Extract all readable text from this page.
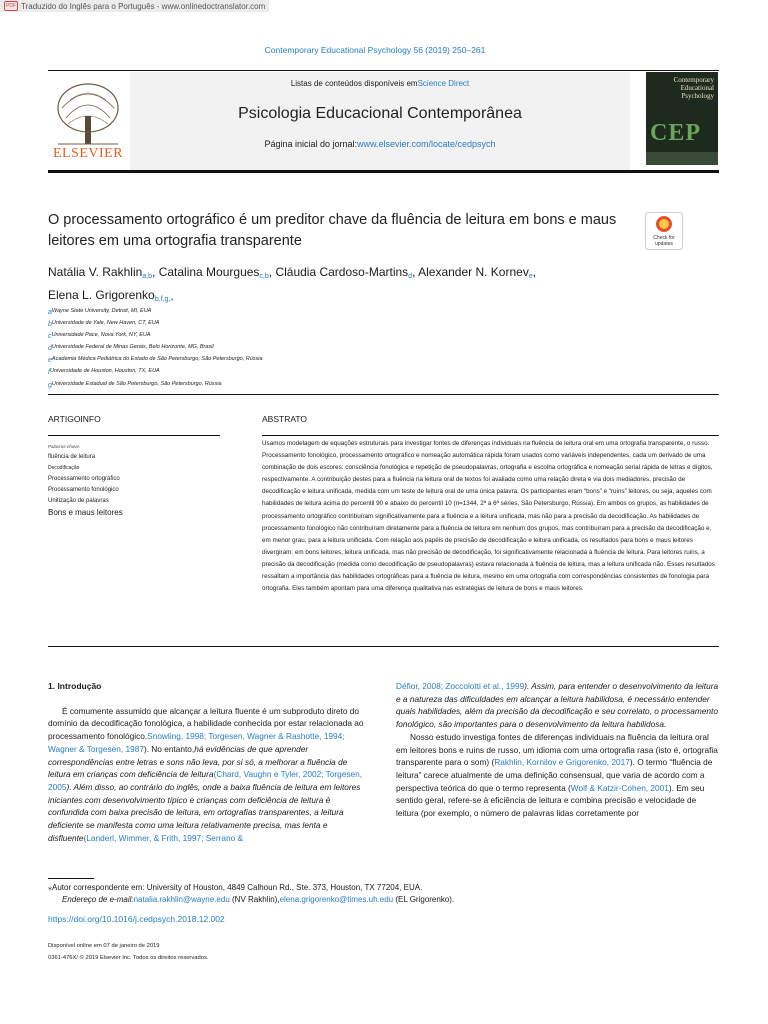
PDF Traduzido do Inglês para o Português - www.onlinedoctranslator.com
Contemporary Educational Psychology 56 (2019) 250–261
ELSEVIER
Listas de conteúdos disponíveis emScience Direct
Psicologia Educacional Contemporânea
Página inicial do jornal:www.elsevier.com/locate/cedpsych
Contemporary
Educational
Psychology
CEP
O processamento ortográfico é um preditor chave da fluência de leitura em bons e maus leitores em uma ortografia transparente	Check for
updates
Natália V. Rakhlin$_{a,b}$, Catalina Mourgues$_{c,b}$, Cláudia Cardoso-Martins$_d$, Alexander N. Kornev$_e$,
Elena L. Grigorenko$_{b,f,g,⁎}$
$_a$Wayne State University, Detroit, MI, EUA
$_b$Universidade de Yale, New Haven, CT, EUA
$_c$Universidade Pace, Nova York, NY, EUA
$_d$Universidade Federal de Minas Gerais, Belo Horizonte, MG, Brasil
$_e$Academia Médica Pediátrica do Estado de São Petersburgo, São Petersburgo, Rússia
$_f$Universidade de Houston, Houston, TX, EUA
$_g$Universidade Estadual de São Petersburgo, São Petersburgo, Rússia
ARTIGOINFO	ABSTRATO
Palavras-chave:
fluência de leitura
Decodificação
Processamento ortográfico
Processamento fonológico
Unitização de palavras
Bons e maus leitores
Usamos modelagem de equações estruturais para investigar fontes de diferenças individuais na fluência de leitura oral em uma ortografia transparente, o russo. Processamento fonológico, processamento ortográfico e nomeação automática rápida foram usados como variáveis independentes, cada um derivado de uma combinação de dois escores: consciência fonológica e repetição de pseudopalavras, ortografia e escolha ortográfica e nomeação serial rápida de letras e dígitos, respectivamente. A contribuição destes para a fluência na leitura oral de textos foi avaliada como uma relação direta e via dois mediadores, precisão de decodificação e leitura unificada, medida com um teste de leitura oral de uma única palavra. Os participantes eram “bons” e “ruins” leitores, ou seja, aqueles com habilidades de leitura acima do percentil 90 e abaixo do percentil 10 (n=1344, 2ª a 6ª séries, São Petersburgo, Rússia). Em ambos os grupos, as habilidades de processamento ortográfico contribuíram significativamente para a fluência e a leitura unificada, mas não para a precisão da decodificação. As habilidades de processamento fonológico não contribuíram diretamente para a fluência de leitura em nenhum dos grupos, mas contribuíram para a precisão da decodificação e, em menor grau, para a leitura unificada. Com relação aos papéis de precisão de decodificação e leitura unificada, os resultados para bons e maus leitores divergiram: em bons leitores, leitura unificada, mas não precisão de decodificação, foi significativamente relacionada à fluência de leitura. Para leitores ruins, a precisão da decodificação (medida como decodificação de pseudopalavras) estava relacionada à fluência de leitura, mas a leitura unificada não. Esses resultados ressaltam a importância das habilidades ortográficas para a fluência de leitura, mesmo em uma ortografia com correspondências consistentes de fonologia para ortografia. Eles também apontam para uma diferença qualitativa nas estratégias de leitura de bons e maus leitores.
1. Introdução
É comumente assumido que alcançar a leitura fluente é um subproduto direto do domínio da decodificação fonológica, a habilidade conhecida por estar relacionada ao processamento fonológico.Snowling, 1998; Torgesen, Wagner & Rashotte, 1994; Wagner & Torgesen, 1987). No entanto,há evidências de que aprender correspondências entre letras e sons não leva, por si só, a melhorar a fluência de leitura em crianças com deficiência de leitura(Chard, Vaughn e Tyler, 2002; Torgesen, 2005). Além disso, ao contrário do inglês, onde a baixa fluência de leitura em leitores iniciantes com desenvolvimento típico e crianças com deficiência de leitura é confundida com baixa precisão de leitura, em ortografias transparentes, a leitura deficiente se manifesta como uma leitura relativamente precisa, mas lenta e disfluente(Landerl, Wimmer, & Frith, 1997; Serrano &
Défior, 2008; Zoccolotti et al., 1999). Assim, para entender o desenvolvimento da leitura e a natureza das dificuldades em alcançar a leitura habilidosa, é necessário entender quais habilidades, além da precisão da decodificação e seu correlato, o processamento fonológico, são importantes para o desenvolvimento da leitura habilidosa.
Nosso estudo investiga fontes de diferenças individuais na fluência da leitura oral em leitores bons e ruins de russo, um idioma com uma ortografia rasa (isto é, ortografia transparente para o som) (Rakhlin, Kornilov e Grigorenko, 2017). O termo “fluência de leitura” carece atualmente de uma definição consensual, que varia de acordo com a perspectiva teórica do que o termo representa (Wolf & Katzir-Cohen, 2001). Em seu sentido geral, refere-se à eficiência de leitura e combina precisão e velocidade de leitura (por exemplo, o número de palavras lidas corretamente por
⁎Autor correspondente em: University of Houston, 4849 Calhoun Rd., Ste. 373, Houston, TX 77204, EUA.
Endereço de e-mail:natalia.rakhlin@wayne.edu (NV Rakhlin),elena.grigorenko@times.uh.edu (EL Grigorenko).
https://doi.org/10.1016/j.cedpsych.2018.12.002
Disponível online em 07 de janeiro de 2019
0361-476X/ © 2019 Elsevier Inc. Todos os direitos reservados.
